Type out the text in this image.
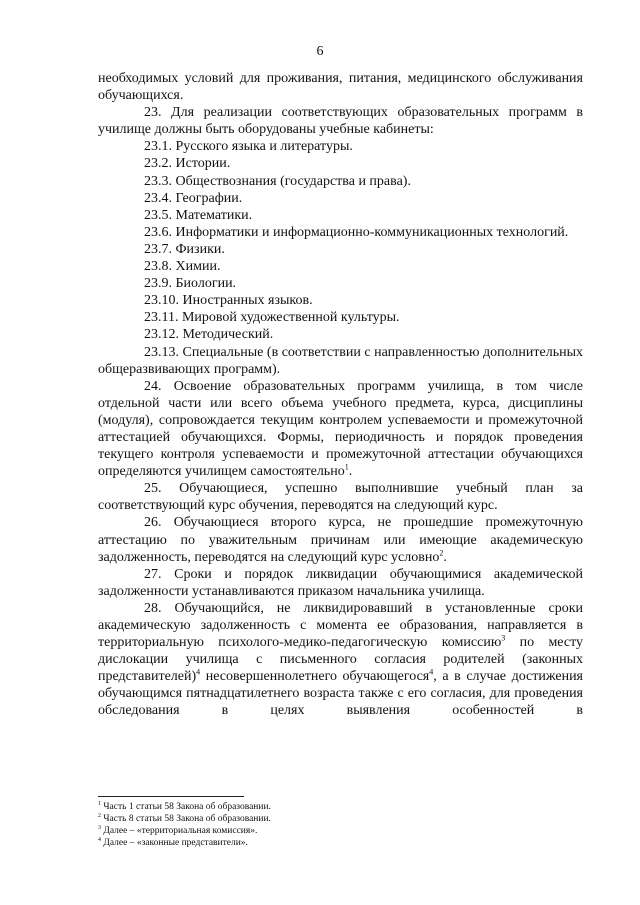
6

необходимых условий для проживания, питания, медицинского обслуживания обучающихся.

23. Для реализации соответствующих образовательных программ в училище должны быть оборудованы учебные кабинеты:

23.1. Русского языка и литературы.

23.2. Истории.

23.3. Обществознания (государства и права).

23.4. Географии.

23.5. Математики.

23.6. Информатики и информационно-коммуникационных технологий.

23.7. Физики.

23.8. Химии.

23.9. Биологии.

23.10. Иностранных языков.

23.11. Мировой художественной культуры.

23.12. Методический.

23.13. Специальные (в соответствии с направленностью дополнительных общеразвивающих программ).

24. Освоение образовательных программ училища, в том числе отдельной части или всего объема учебного предмета, курса, дисциплины (модуля), сопровождается текущим контролем успеваемости и промежуточной аттестацией обучающихся. Формы, периодичность и порядок проведения текущего контроля успеваемости и промежуточной аттестации обучающихся определяются училищем самостоятельно$^1$.

25. Обучающиеся, успешно выполнившие учебный план за соответствующий курс обучения, переводятся на следующий курс.

26. Обучающиеся второго курса, не прошедшие промежуточную аттестацию по уважительным причинам или имеющие академическую задолженность, переводятся на следующий курс условно$^2$.

27. Сроки и порядок ликвидации обучающимися академической задолженности устанавливаются приказом начальника училища.

28. Обучающийся, не ликвидировавший в установленные сроки академическую задолженность с момента ее образования, направляется в территориальную психолого-медико-педагогическую комиссию$^3$ по месту дислокации училища с письменного согласия родителей (законных представителей)$^4$ несовершеннолетнего обучающегося$^4$, а в случае достижения обучающимся пятнадцатилетнего возраста также с его согласия, для проведения обследования в целях выявления особенностей в

$^1$ Часть 1 статьи 58 Закона об образовании.
$^2$ Часть 8 статьи 58 Закона об образовании.
$^3$ Далее – «территориальная комиссия».
$^4$ Далее – «законные представители».
